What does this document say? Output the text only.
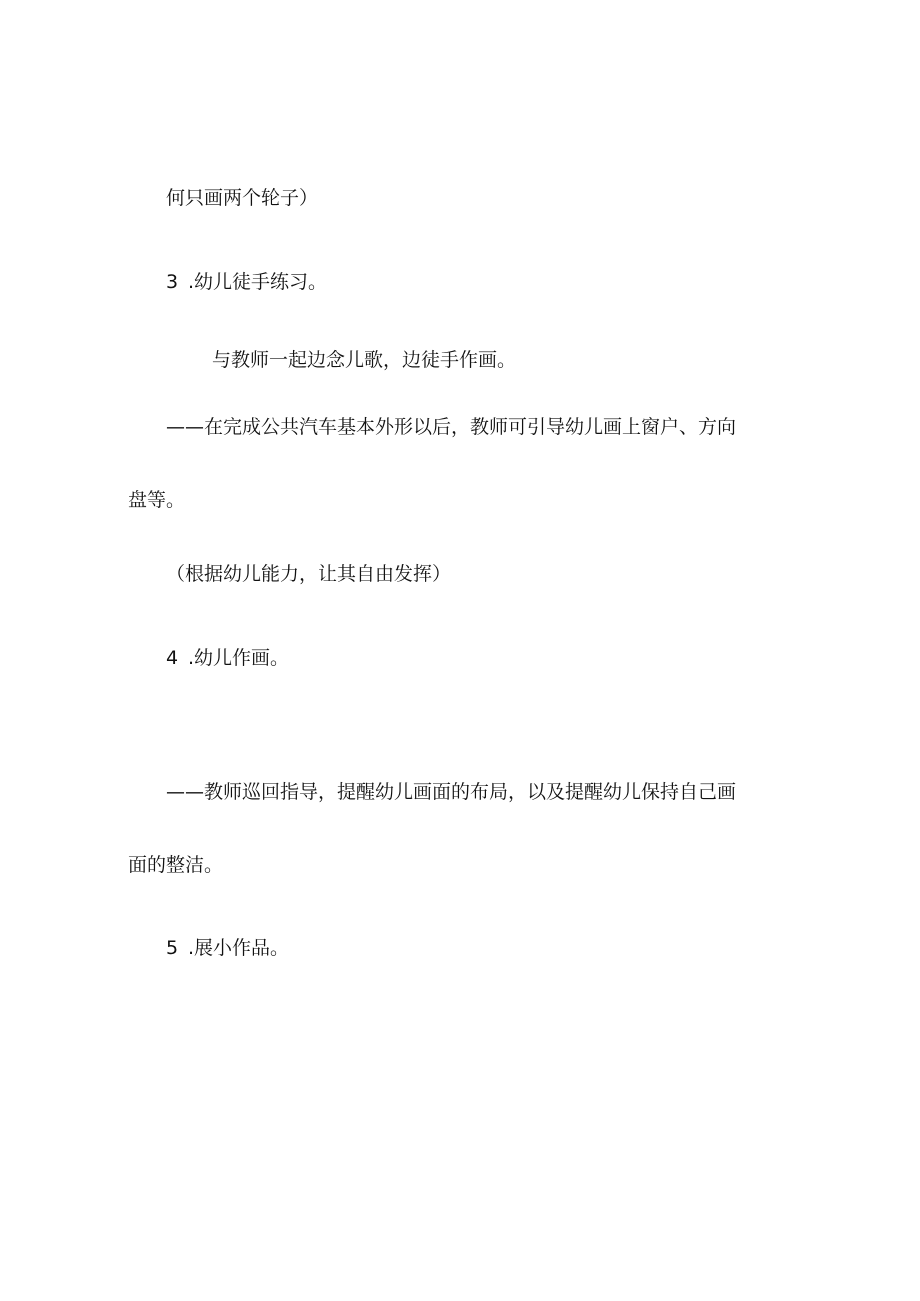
何只画两个轮子）
3 .幼儿徒手练习。
与教师一起边念儿歌，边徒手作画。
——在完成公共汽车基本外形以后，教师可引导幼儿画上窗户、方向
盘等。
（根据幼儿能力，让其自由发挥）
4 .幼儿作画。
——教师巡回指导，提醒幼儿画面的布局，以及提醒幼儿保持自己画
面的整洁。
5 .展小作品。
